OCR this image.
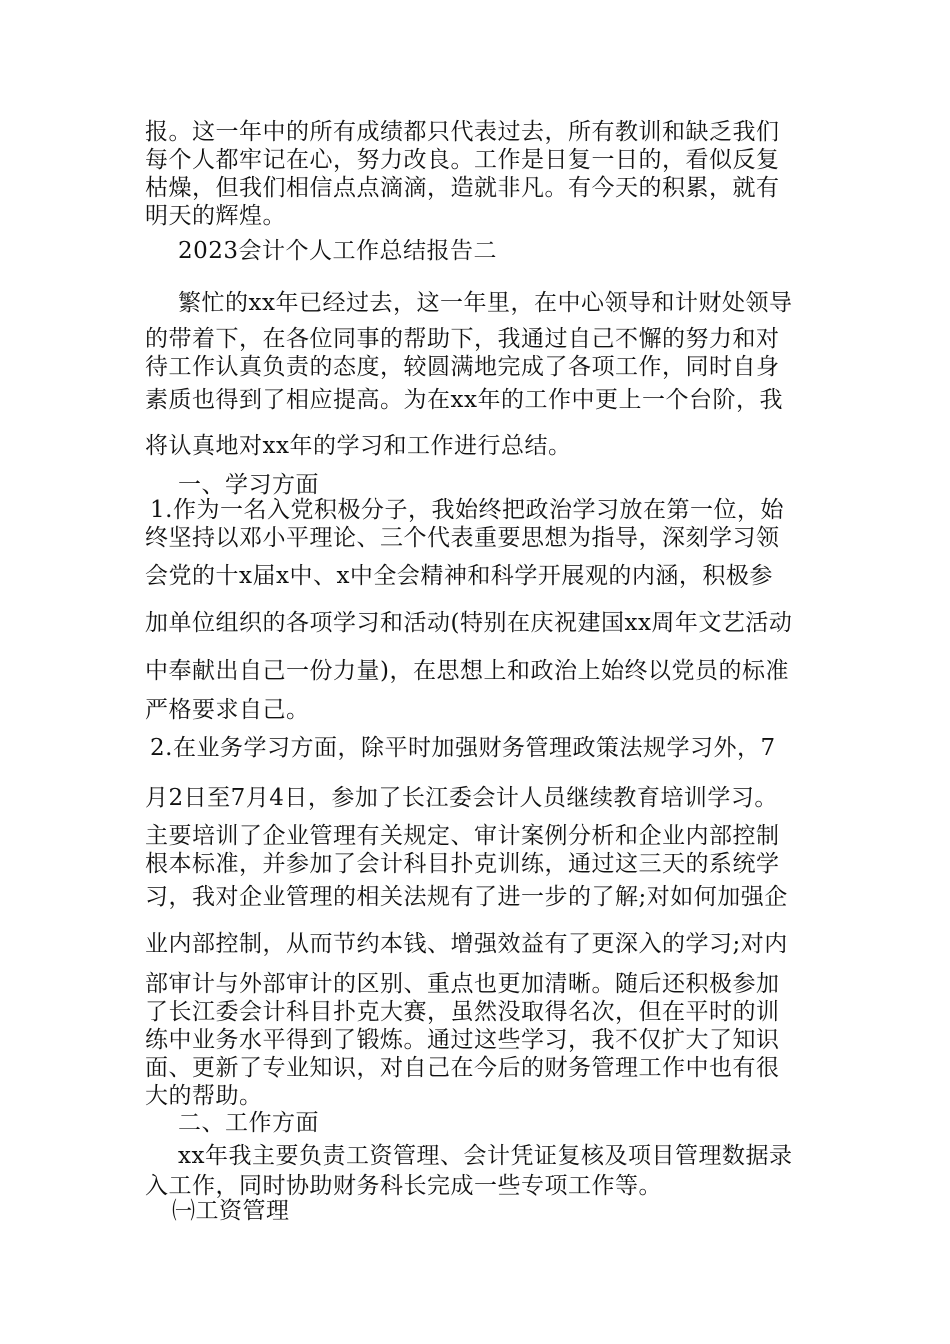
报。这一年中的所有成绩都只代表过去，所有教训和缺乏我们
每个人都牢记在心，努力改良。工作是日复一日的，看似反复
枯燥，但我们相信点点滴滴，造就非凡。有今天的积累，就有
明天的辉煌。
2023会计个人工作总结报告二
繁忙的xx年已经过去，这一年里，在中心领导和计财处领导
的带着下，在各位同事的帮助下，我通过自己不懈的努力和对
待工作认真负责的态度，较圆满地完成了各项工作，同时自身
素质也得到了相应提高。为在xx年的工作中更上一个台阶，我
将认真地对xx年的学习和工作进行总结。
一、学习方面
1.作为一名入党积极分子，我始终把政治学习放在第一位，始
终坚持以邓小平理论、三个代表重要思想为指导，深刻学习领
会党的十x届x中、x中全会精神和科学开展观的内涵，积极参
加单位组织的各项学习和活动(特别在庆祝建国xx周年文艺活动
中奉献出自己一份力量)，在思想上和政治上始终以党员的标准
严格要求自己。
2.在业务学习方面，除平时加强财务管理政策法规学习外，7
月2日至7月4日，参加了长江委会计人员继续教育培训学习。
主要培训了企业管理有关规定、审计案例分析和企业内部控制
根本标准，并参加了会计科目扑克训练，通过这三天的系统学
习，我对企业管理的相关法规有了进一步的了解;对如何加强企
业内部控制，从而节约本钱、增强效益有了更深入的学习;对内
部审计与外部审计的区别、重点也更加清晰。随后还积极参加
了长江委会计科目扑克大赛，虽然没取得名次，但在平时的训
练中业务水平得到了锻炼。通过这些学习，我不仅扩大了知识
面、更新了专业知识，对自己在今后的财务管理工作中也有很
大的帮助。
二、工作方面
xx年我主要负责工资管理、会计凭证复核及项目管理数据录
入工作，同时协助财务科长完成一些专项工作等。
㈠工资管理
